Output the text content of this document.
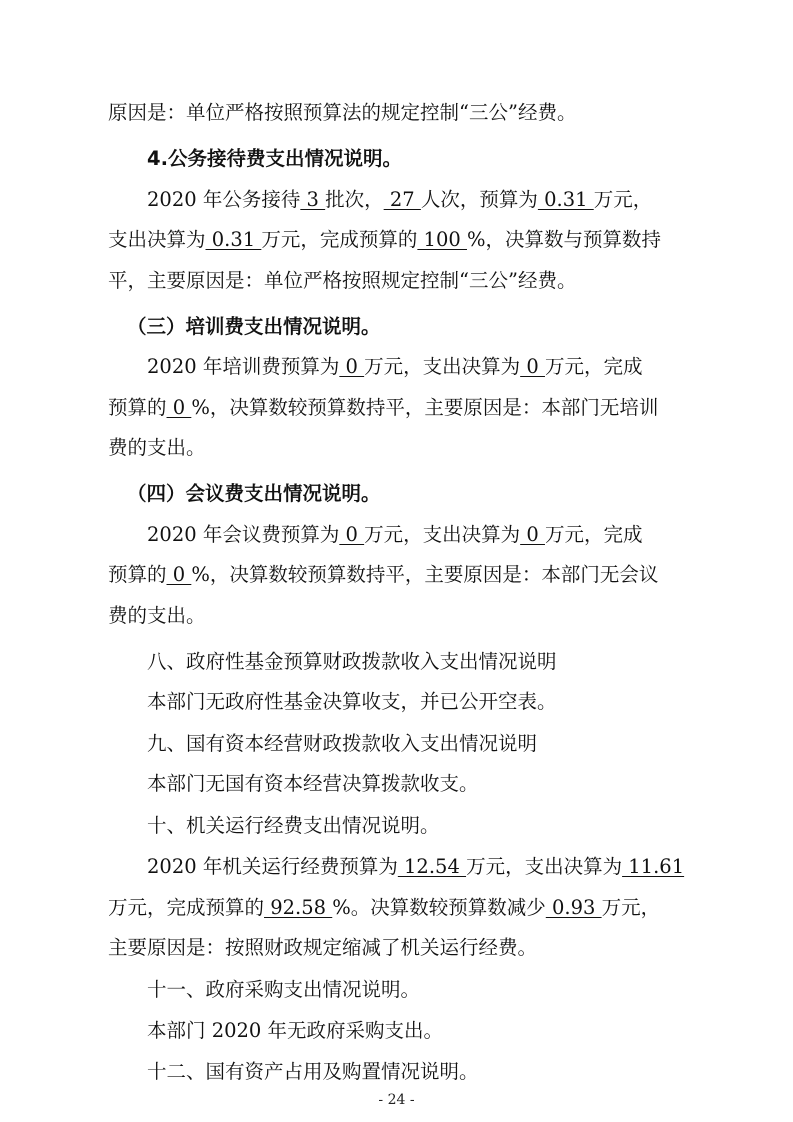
原因是：单位严格按照预算法的规定控制“三公”经费。
4.公务接待费支出情况说明。
2020 年公务接待 3 批次， 27 人次，预算为 0.31 万元，
支出决算为 0.31 万元，完成预算的 100 %，决算数与预算数持
平，主要原因是：单位严格按照规定控制“三公”经费。
（三）培训费支出情况说明。
2020 年培训费预算为 0 万元，支出决算为 0 万元，完成
预算的 0 %，决算数较预算数持平，主要原因是：本部门无培训
费的支出。
（四）会议费支出情况说明。
2020 年会议费预算为 0 万元，支出决算为 0 万元，完成
预算的 0 %，决算数较预算数持平，主要原因是：本部门无会议
费的支出。
八、政府性基金预算财政拨款收入支出情况说明
本部门无政府性基金决算收支，并已公开空表。
九、国有资本经营财政拨款收入支出情况说明
本部门无国有资本经营决算拨款收支。
十、机关运行经费支出情况说明。
2020 年机关运行经费预算为 12.54 万元，支出决算为 11.61
万元，完成预算的 92.58 %。决算数较预算数减少 0.93 万元，
主要原因是：按照财政规定缩减了机关运行经费。
十一、政府采购支出情况说明。
本部门 2020 年无政府采购支出。
十二、国有资产占用及购置情况说明。
- 24 -
